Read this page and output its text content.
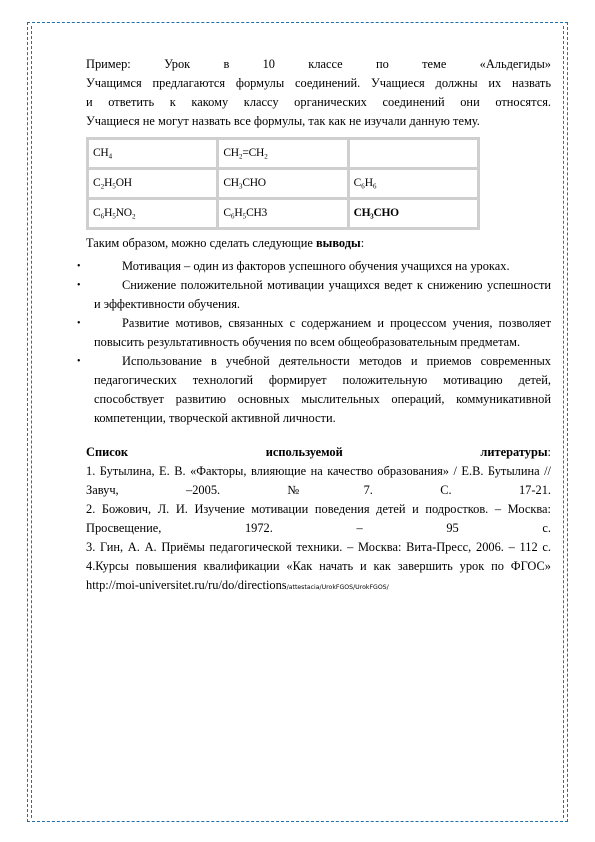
Пример:	Урок	в	10	классе	по	теме	«Альдегиды»

Учащимся предлагаются формулы соединений. Учащиеся должны их назвать

и ответить к какому классу органических соединений они относятся.

Учащиеся не могут назвать все формулы, так как не изучали данную тему.

CH₄	CH₂=CH₂	
C₂H₅OH	CH₃CHO	C₆H₆
C₆H₅NO₂	C₆H₅CH3	CH₃CHO

Таким образом, можно сделать следующие выводы:

•	Мотивация – один из факторов успешного обучения учащихся на уроках.
•	Снижение положительной мотивации учащихся ведет к снижению успешности и эффективности обучения.
•	Развитие мотивов, связанных с содержанием и процессом учения, позволяет повысить результативность обучения по всем общеобразовательным предметам.
•	Использование в учебной деятельности методов и приемов современных педагогических технологий формирует положительную мотивацию детей, способствует развитию основных мыслительных операций, коммуникативной компетенции, творческой активной личности.
Список	используемой	литературы:

1. Бутылина, Е. В. «Факторы, влияющие на качество образования» / Е.В. Бутылина // Завуч, –2005. №7. С. 17-21.

2. Божович, Л. И. Изучение мотивации поведения детей и подростков. – Москва: Просвещение, 1972. – 95 с.

3. Гин, А. А. Приёмы педагогической техники. – Москва: Вита-Пресс, 2006. – 112 с.

4.Курсы повышения квалификации «Как начать и как завершить урок по ФГОС» http://moi-universitet.ru/ru/do/directions/attestacia/UrokFGOS/UrokFGOS/
